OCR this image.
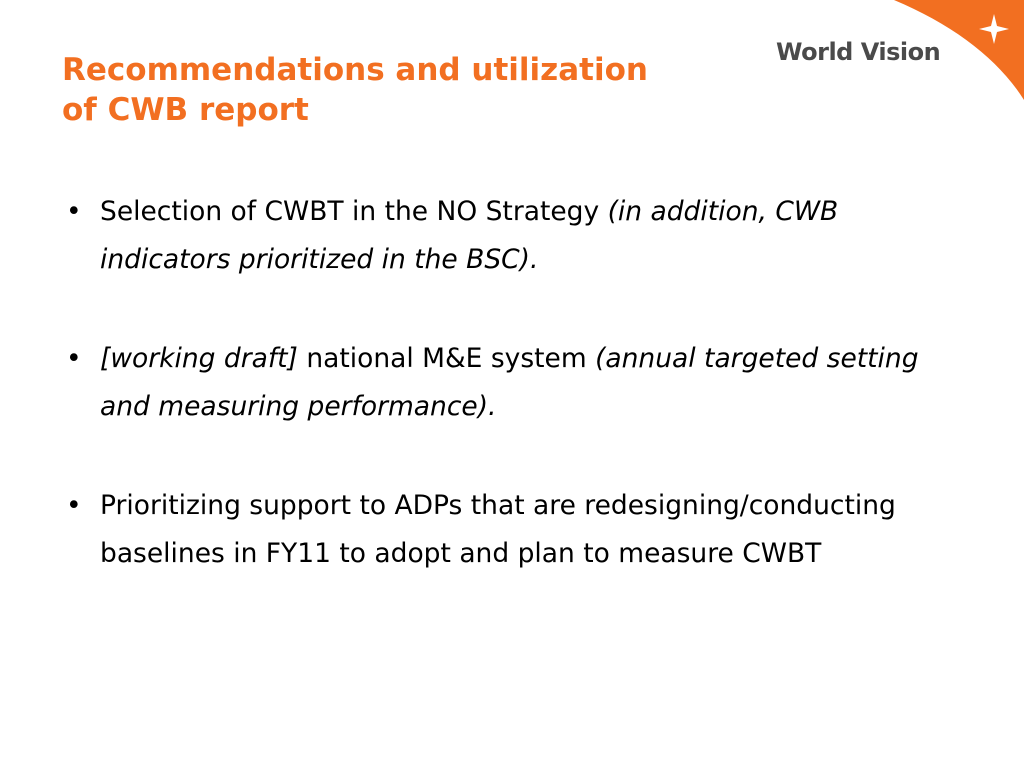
Recommendations and utilization
of CWB report
World Vision
• Selection of CWBT in the NO Strategy (in addition, CWB indicators prioritized in the BSC).
• [working draft] national M&E system (annual targeted setting and measuring performance).
• Prioritizing support to ADPs that are redesigning/conducting baselines in FY11 to adopt and plan to measure CWBT
